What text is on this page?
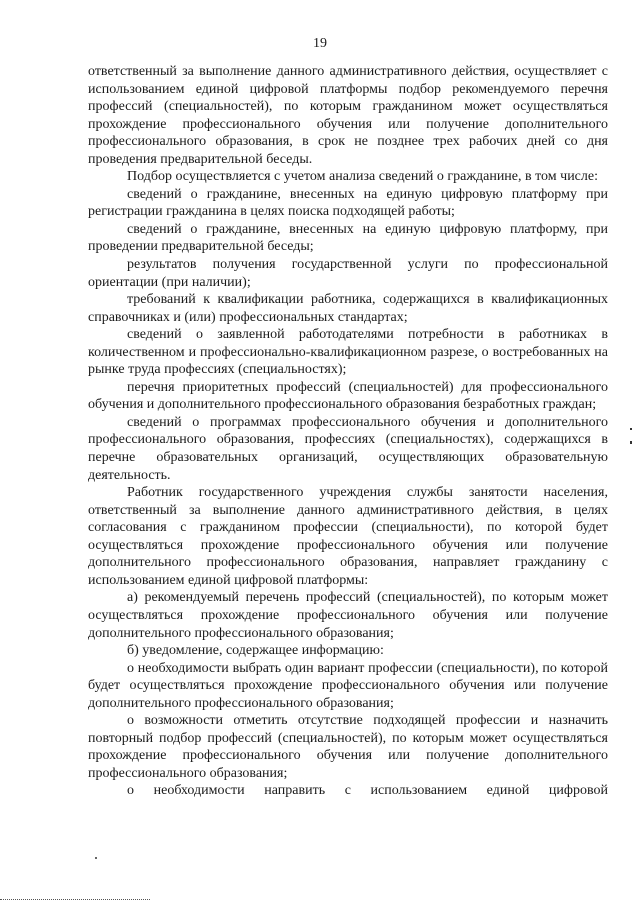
19

ответственный за выполнение данного административного действия, осуществляет с использованием единой цифровой платформы подбор рекомендуемого перечня профессий (специальностей), по которым гражданином может осуществляться прохождение профессионального обучения или получение дополнительного профессионального образования, в срок не позднее трех рабочих дней со дня проведения предварительной беседы.

Подбор осуществляется с учетом анализа сведений о гражданине, в том числе:

сведений о гражданине, внесенных на единую цифровую платформу при регистрации гражданина в целях поиска подходящей работы;

сведений о гражданине, внесенных на единую цифровую платформу, при проведении предварительной беседы;

результатов получения государственной услуги по профессиональной ориентации (при наличии);

требований к квалификации работника, содержащихся в квалификационных справочниках и (или) профессиональных стандартах;

сведений о заявленной работодателями потребности в работниках в количественном и профессионально-квалификационном разрезе, о востребованных на рынке труда профессиях (специальностях);

перечня приоритетных профессий (специальностей) для профессионального обучения и дополнительного профессионального образования безработных граждан;

сведений о программах профессионального обучения и дополнительного профессионального образования, профессиях (специальностях), содержащихся в перечне образовательных организаций, осуществляющих образовательную деятельность.

Работник государственного учреждения службы занятости населения, ответственный за выполнение данного административного действия, в целях согласования с гражданином профессии (специальности), по которой будет осуществляться прохождение профессионального обучения или получение дополнительного профессионального образования, направляет гражданину с использованием единой цифровой платформы:

а) рекомендуемый перечень профессий (специальностей), по которым может осуществляться прохождение профессионального обучения или получение дополнительного профессионального образования;

б) уведомление, содержащее информацию:

о необходимости выбрать один вариант профессии (специальности), по которой будет осуществляться прохождение профессионального обучения или получение дополнительного профессионального образования;

о возможности отметить отсутствие подходящей профессии и назначить повторный подбор профессий (специальностей), по которым может осуществляться прохождение профессионального обучения или получение дополнительного профессионального образования;

о необходимости направить с использованием единой цифровой
